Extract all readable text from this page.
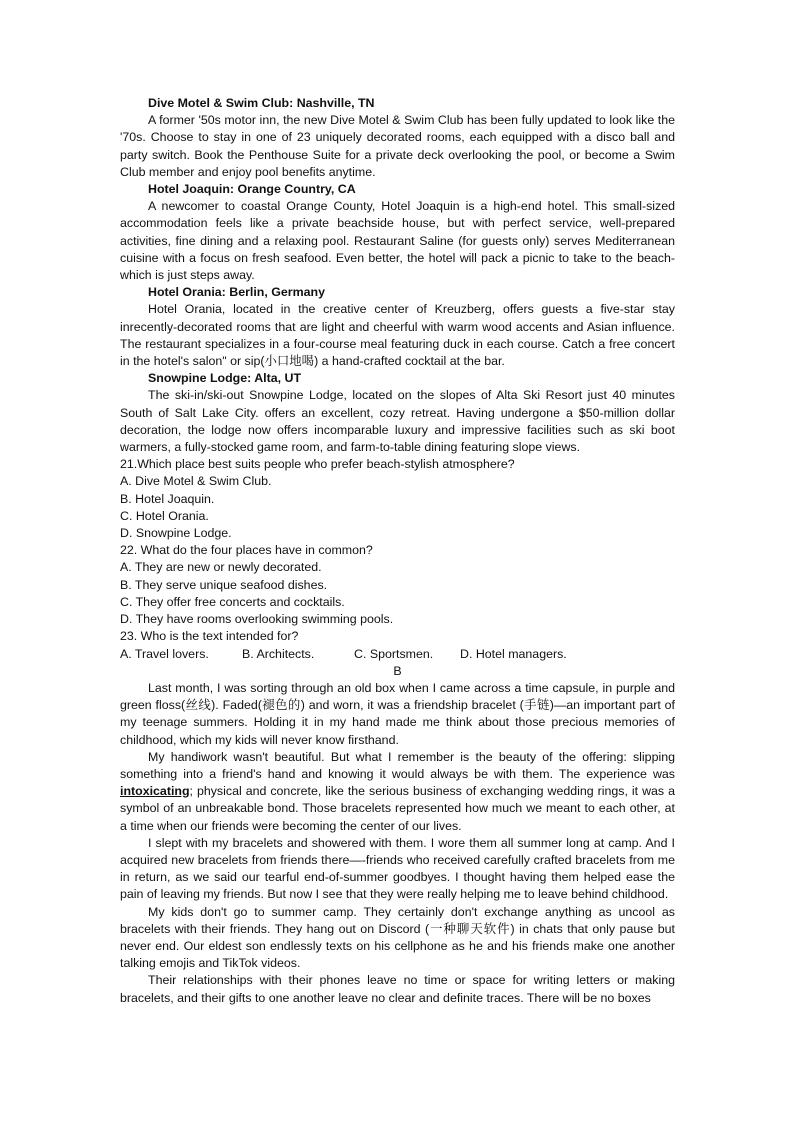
Dive Motel & Swim Club: Nashville, TN

A former '50s motor inn, the new Dive Motel & Swim Club has been fully updated to look like the '70s. Choose to stay in one of 23 uniquely decorated rooms, each equipped with a disco ball and party switch. Book the Penthouse Suite for a private deck overlooking the pool, or become a Swim Club member and enjoy pool benefits anytime.

Hotel Joaquin: Orange Country, CA

A newcomer to coastal Orange County, Hotel Joaquin is a high-end hotel. This small-sized accommodation feels like a private beachside house, but with perfect service, well-prepared activities, fine dining and a relaxing pool. Restaurant Saline (for guests only) serves Mediterranean cuisine with a focus on fresh seafood. Even better, the hotel will pack a picnic to take to the beach-which is just steps away.

Hotel Orania: Berlin, Germany

Hotel Orania, located in the creative center of Kreuzberg, offers guests a five-star stay inrecently-decorated rooms that are light and cheerful with warm wood accents and Asian influence. The restaurant specializes in a four-course meal featuring duck in each course. Catch a free concert in the hotel's salon" or sip(小口地喝) a hand-crafted cocktail at the bar.

Snowpine Lodge: Alta, UT

The ski-in/ski-out Snowpine Lodge, located on the slopes of Alta Ski Resort just 40 minutes South of Salt Lake City. offers an excellent, cozy retreat. Having undergone a $50-million dollar decoration, the lodge now offers incomparable luxury and impressive facilities such as ski boot warmers, a fully-stocked game room, and farm-to-table dining featuring slope views.

21.Which place best suits people who prefer beach-stylish atmosphere?

A. Dive Motel & Swim Club.

B. Hotel Joaquin.

C. Hotel Orania.

D. Snowpine Lodge.

22. What do the four places have in common?

A. They are new or newly decorated.

B. They serve unique seafood dishes.

C. They offer free concerts and cocktails.

D. They have rooms overlooking swimming pools.

23. Who is the text intended for?

A. Travel lovers.	B. Architects.	C. Sportsmen.	D. Hotel managers.

B

Last month, I was sorting through an old box when I came across a time capsule, in purple and green floss(丝线). Faded(褪色的) and worn, it was a friendship bracelet (手链)—an important part of my teenage summers. Holding it in my hand made me think about those precious memories of childhood, which my kids will never know firsthand.

My handiwork wasn't beautiful. But what I remember is the beauty of the offering: slipping something into a friend's hand and knowing it would always be with them. The experience was intoxicating; physical and concrete, like the serious business of exchanging wedding rings, it was a symbol of an unbreakable bond. Those bracelets represented how much we meant to each other, at a time when our friends were becoming the center of our lives.

I slept with my bracelets and showered with them. I wore them all summer long at camp. And I acquired new bracelets from friends there—-friends who received carefully crafted bracelets from me in return, as we said our tearful end-of-summer goodbyes. I thought having them helped ease the pain of leaving my friends. But now I see that they were really helping me to leave behind childhood.

My kids don't go to summer camp. They certainly don't exchange anything as uncool as bracelets with their friends. They hang out on Discord (一种聊天软件) in chats that only pause but never end. Our eldest son endlessly texts on his cellphone as he and his friends make one another talking emojis and TikTok videos.

Their relationships with their phones leave no time or space for writing letters or making bracelets, and their gifts to one another leave no clear and definite traces. There will be no boxes
